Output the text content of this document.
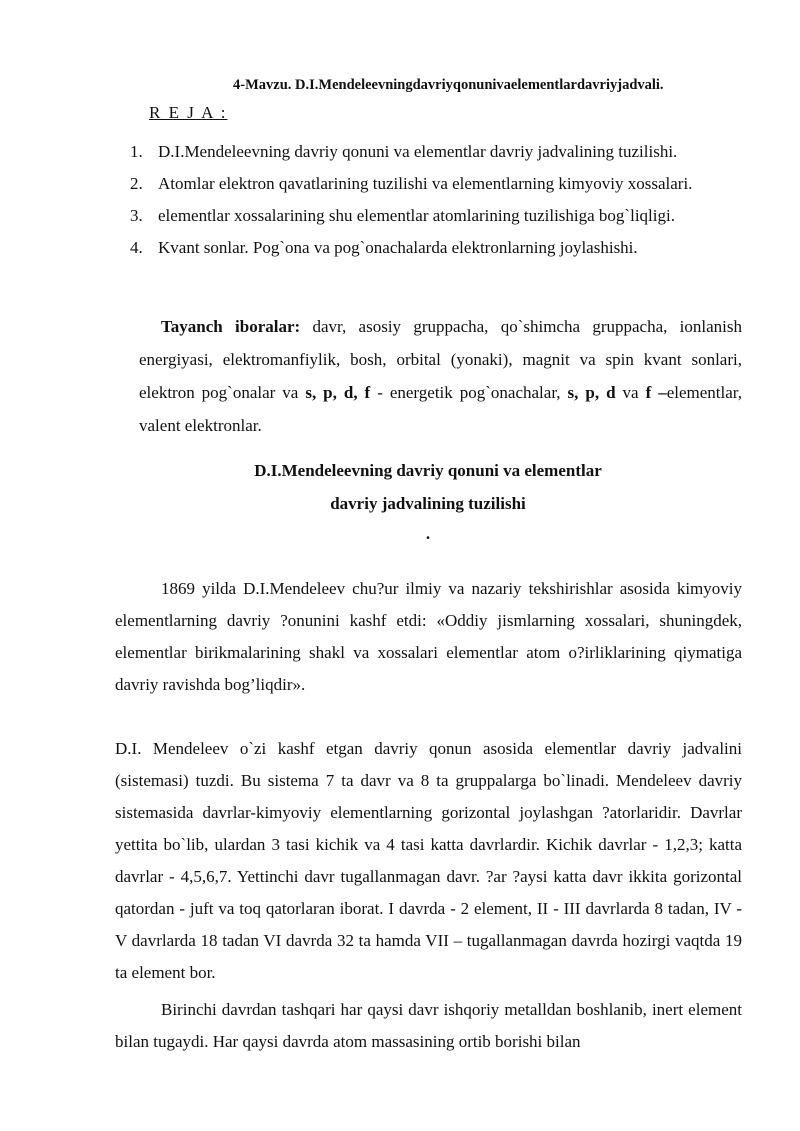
4-Mavzu. D.I.Mendeleevningdavriyqonunivaelementlardavriyjadvali.
R E J A :
1. D.I.Mendeleevning davriy qonuni va elementlar davriy jadvalining tuzilishi.
2. Atomlar elektron qavatlarining tuzilishi va elementlarning kimyoviy xossalari.
3. elementlar xossalarining shu elementlar atomlarining tuzilishiga bog`liqligi.
4. Kvant sonlar. Pog`ona va pog`onachalarda elektronlarning joylashishi.

Tayanch iboralar: davr, asosiy gruppacha, qo`shimcha gruppacha, ionlanish energiyasi, elektromanfiylik, bosh, orbital (yonaki), magnit va spin kvant sonlari, elektron pog`onalar va s, p, d, f - energetik pog`onachalar, s, p, d va f –elementlar, valent elektronlar.

D.I.Mendeleevning davriy qonuni va elementlar
davriy jadvalining tuzilishi
.

1869 yilda D.I.Mendeleev chu?ur ilmiy va nazariy tekshirishlar asosida kimyoviy elementlarning davriy ?onunini kashf etdi: «Oddiy jismlarning xossalari, shuningdek, elementlar birikmalarining shakl va xossalari elementlar atom o?irliklarining qiymatiga davriy ravishda bog’liqdir».

D.I. Mendeleev o`zi kashf etgan davriy qonun asosida elementlar davriy jadvalini (sistemasi) tuzdi. Bu sistema 7 ta davr va 8 ta gruppalarga bo`linadi. Mendeleev davriy sistemasida davrlar-kimyoviy elementlarning gorizontal joylashgan ?atorlaridir. Davrlar yettita bo`lib, ulardan 3 tasi kichik va 4 tasi katta davrlardir. Kichik davrlar - 1,2,3; katta davrlar - 4,5,6,7. Yettinchi davr tugallanmagan davr. ?ar ?aysi katta davr ikkita gorizontal qatordan - juft va toq qatorlaran iborat. I davrda - 2 element, II - III davrlarda 8 tadan, IV - V davrlarda 18 tadan VI davrda 32 ta hamda VII – tugallanmagan davrda hozirgi vaqtda 19 ta element bor.

Birinchi davrdan tashqari har qaysi davr ishqoriy metalldan boshlanib, inert element bilan tugaydi. Har qaysi davrda atom massasining ortib borishi bilan
